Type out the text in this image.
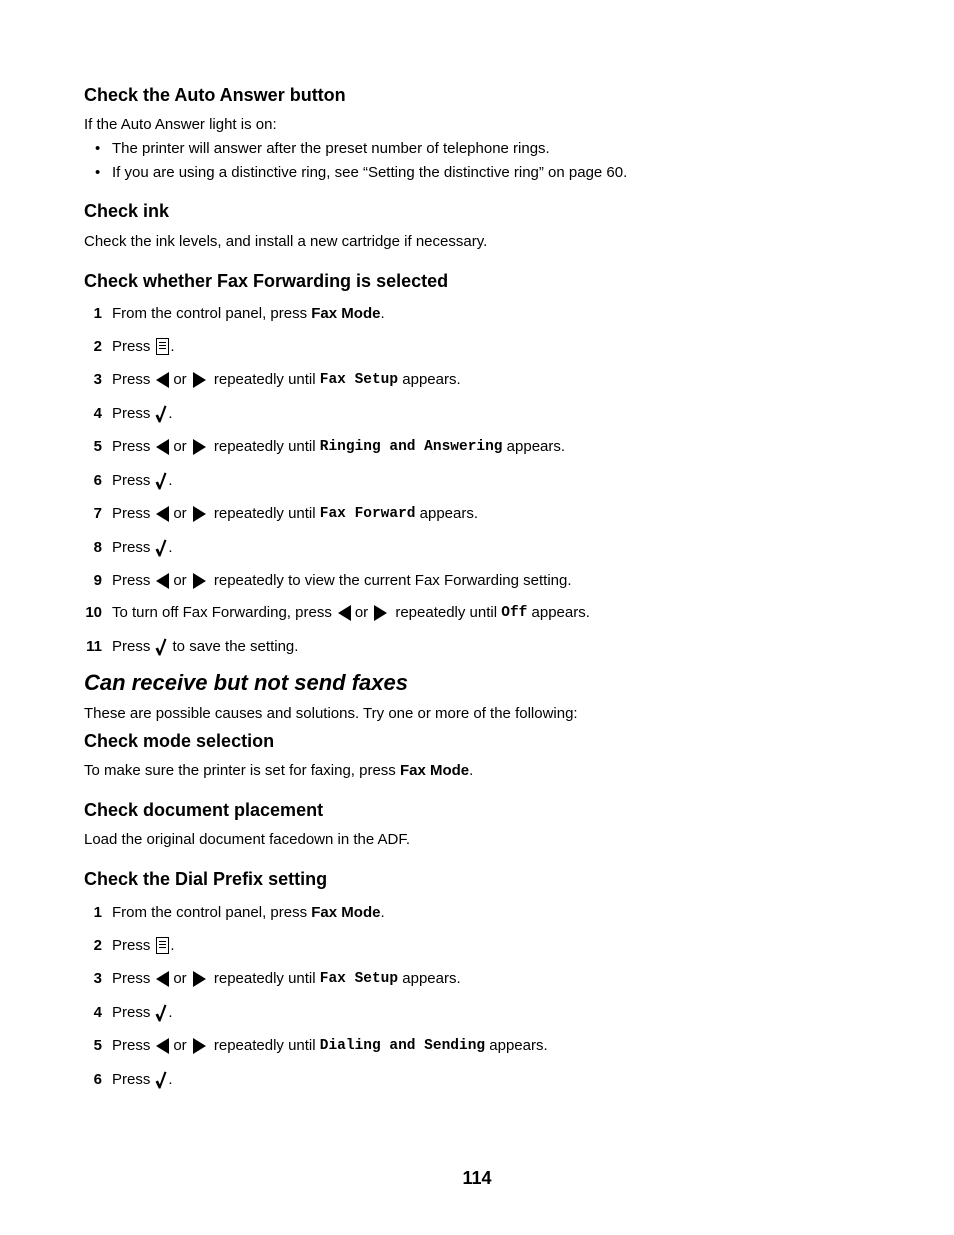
Check the Auto Answer button

If the Auto Answer light is on:

• The printer will answer after the preset number of telephone rings.

• If you are using a distinctive ring, see “Setting the distinctive ring” on page 60.

Check ink

Check the ink levels, and install a new cartridge if necessary.

Check whether Fax Forwarding is selected
1 From the control panel, press Fax Mode .
2 Press .
3 Press or repeatedly until Fax Setup appears.
4 Press .
5 Press or repeatedly until Ringing and Answering appears.
6 Press .
7 Press or repeatedly until Fax Forward appears.
8 Press .
9 Press or repeatedly to view the current Fax Forwarding setting.
10 To turn off Fax Forwarding, press or repeatedly until Off appears.
11 Press to save the setting.
Can receive but not send faxes

These are possible causes and solutions. Try one or more of the following:

Check mode selection

To make sure the printer is set for faxing, press Fax Mode.

Check document placement

Load the original document facedown in the ADF.

Check the Dial Prefix setting
1 From the control panel, press Fax Mode .
2 Press .
3 Press or repeatedly until Fax Setup appears.
4 Press .
5 Press or repeatedly until Dialing and Sending appears.
6 Press .
114
